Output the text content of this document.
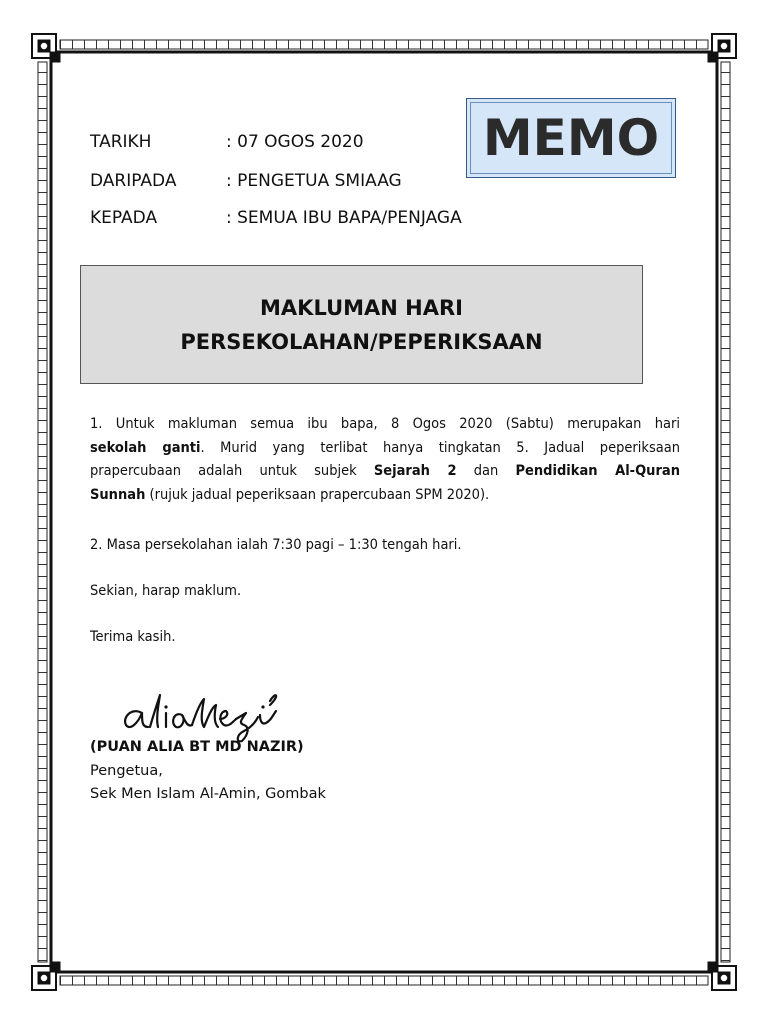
MEMO
TARIKH	: 07 OGOS 2020
DARIPADA	: PENGETUA SMIAAG
KEPADA	: SEMUA IBU BAPA/PENJAGA
MAKLUMAN HARI
PERSEKOLAHAN/PEPERIKSAAN
1. Untuk makluman semua ibu bapa, 8 Ogos 2020 (Sabtu) merupakan hari
sekolah ganti. Murid yang terlibat hanya tingkatan 5. Jadual peperiksaan
prapercubaan adalah untuk subjek Sejarah 2 dan Pendidikan Al-Quran
Sunnah (rujuk jadual peperiksaan prapercubaan SPM 2020).
2. Masa persekolahan ialah 7:30 pagi – 1:30 tengah hari.
Sekian, harap maklum.
Terima kasih.
(PUAN ALIA BT MD NAZIR)
Pengetua,
Sek Men Islam Al-Amin, Gombak
